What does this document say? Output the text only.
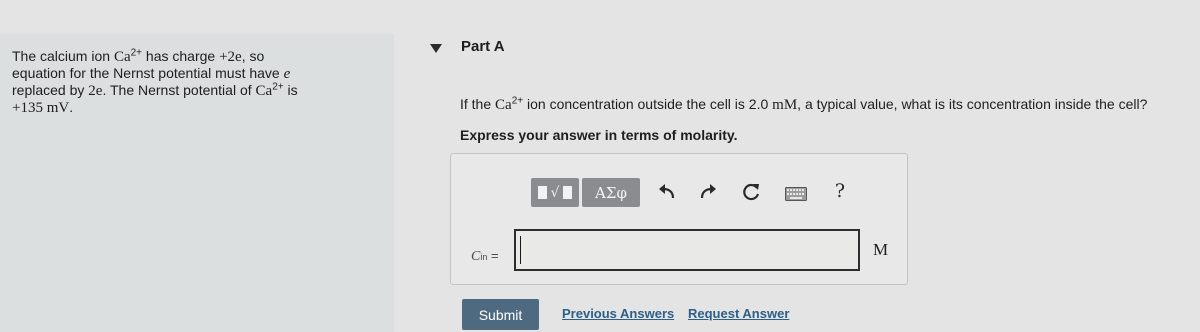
The calcium ion $Ca^{2+}$ has charge +2e, so
equation for the Nernst potential must have e
replaced by 2e. The Nernst potential of $Ca^{2+}$ is
+135 mV.
Part A
If the $Ca^{2+}$ ion concentration outside the cell is 2.0 mM, a typical value, what is its concentration inside the cell?
Express your answer in terms of molarity.
√	ΑΣφ	?
Cin =	M
Submit	Previous Answers Request Answer
